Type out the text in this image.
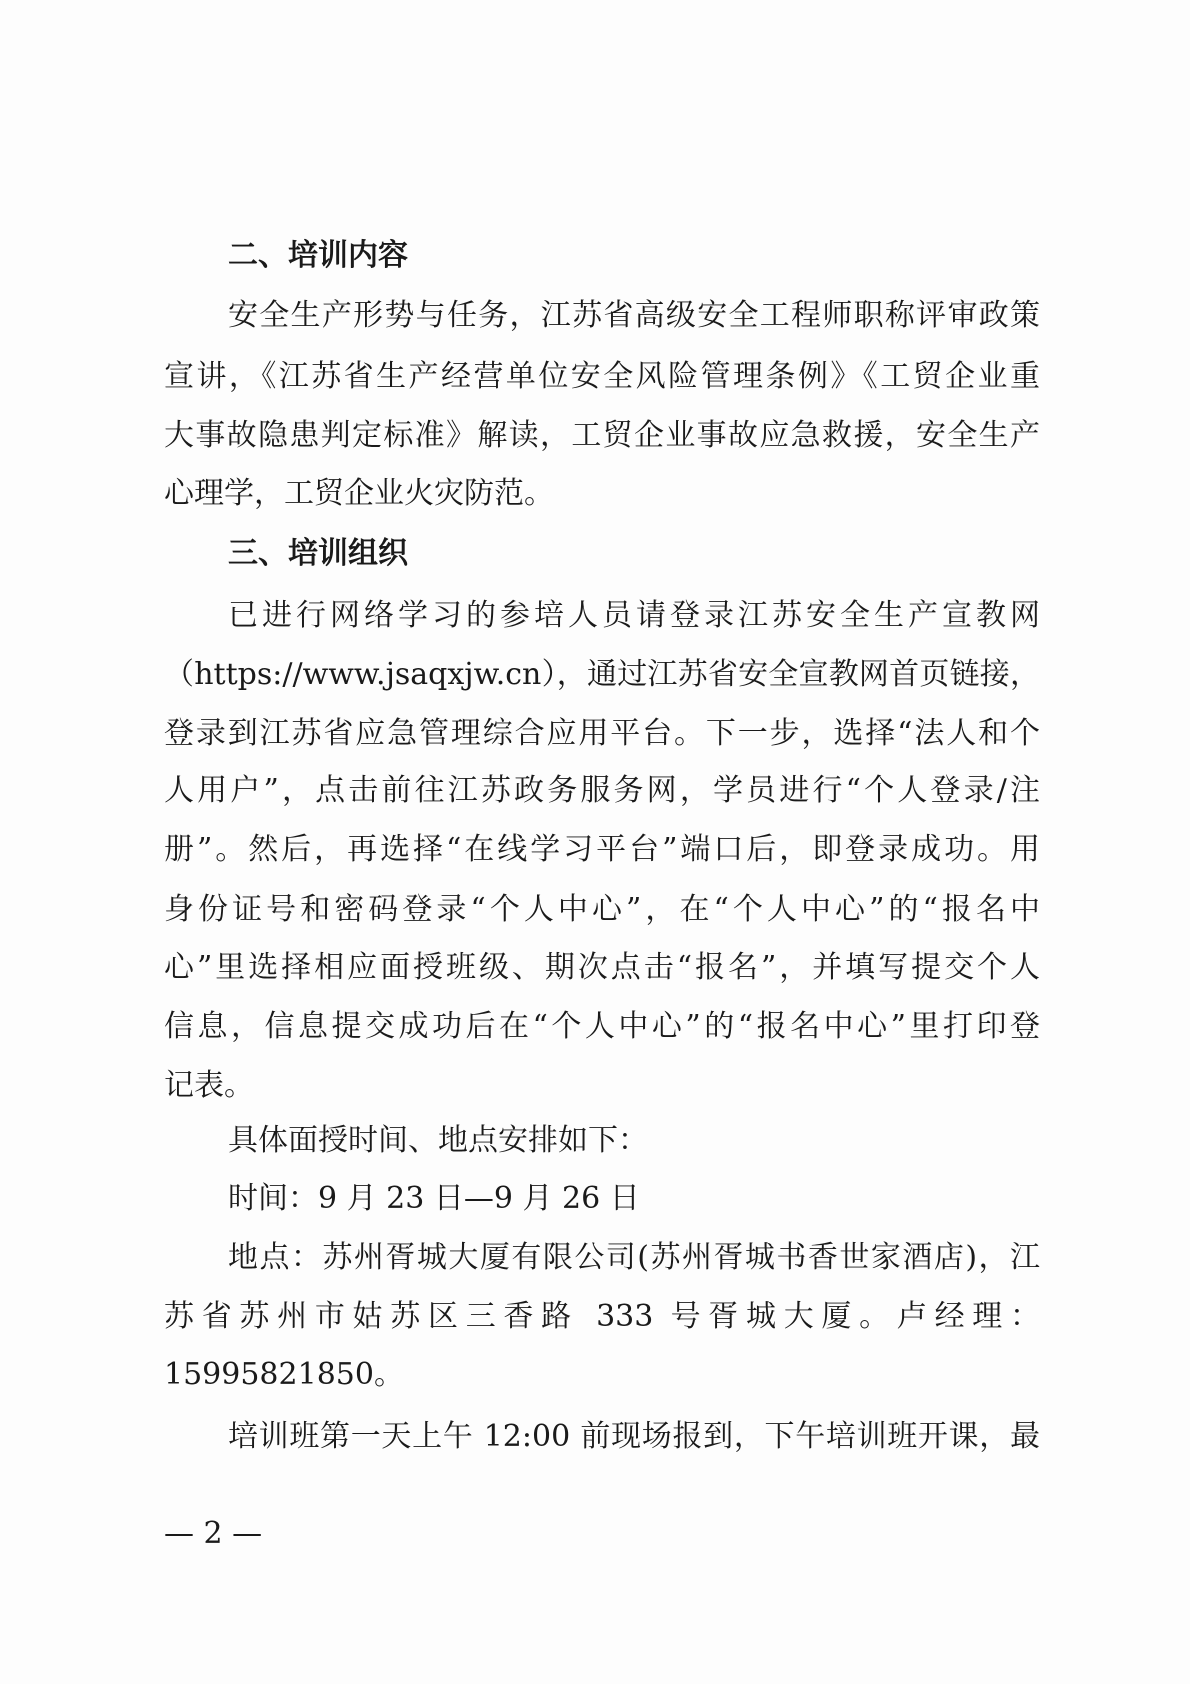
二、培训内容
安全生产形势与任务，江苏省高级安全工程师职称评审政策
宣讲，《江苏省生产经营单位安全风险管理条例》《工贸企业重
大事故隐患判定标准》解读，工贸企业事故应急救援，安全生产
心理学，工贸企业火灾防范。
三、培训组织
已进行网络学习的参培人员请登录江苏安全生产宣教网
（https://www.jsaqxjw.cn），通过江苏省安全宣教网首页链接，
登录到江苏省应急管理综合应用平台。下一步，选择“法人和个
人用户”，点击前往江苏政务服务网，学员进行“个人登录/注
册”。然后，再选择“在线学习平台”端口后，即登录成功。用
身份证号和密码登录“个人中心”，在“个人中心”的“报名中
心”里选择相应面授班级、期次点击“报名”，并填写提交个人
信息，信息提交成功后在“个人中心”的“报名中心”里打印登
记表。
具体面授时间、地点安排如下：
时间：9 月 23 日—9 月 26 日
地点：苏州胥城大厦有限公司(苏州胥城书香世家酒店)，江
苏省苏州市姑苏区三香路 333 号胥城大厦。卢经理：
15995821850。
培训班第一天上午 12:00 前现场报到，下午培训班开课，最
— 2 —
